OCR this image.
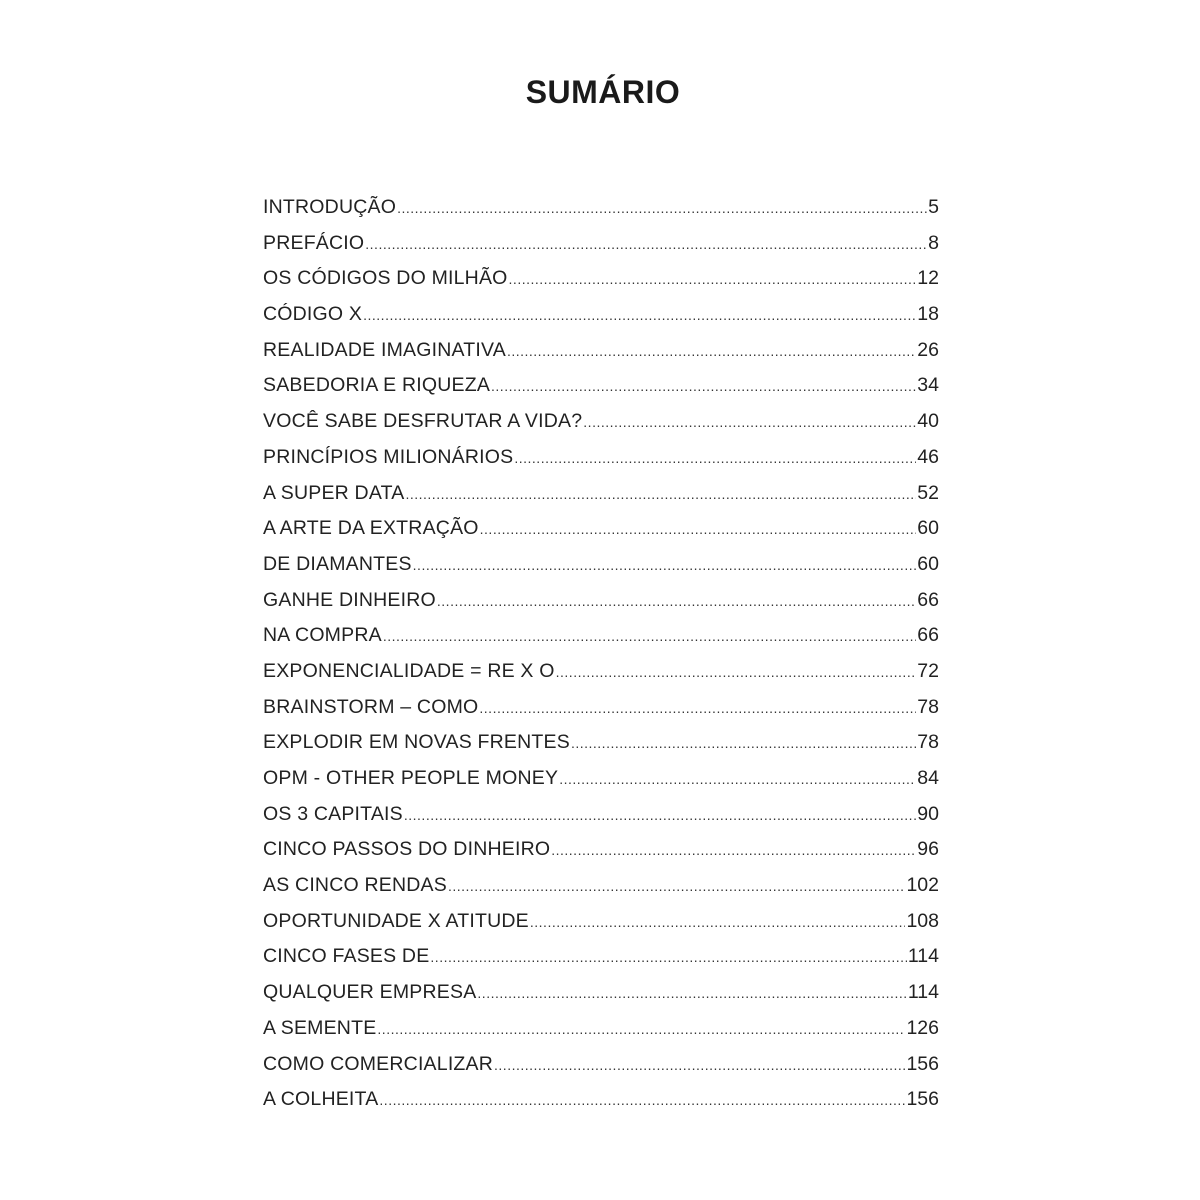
SUMÁRIO
INTRODUÇÃO .....	5
PREFÁCIO .....	8
OS CÓDIGOS DO MILHÃO .....	12
CÓDIGO X .....	18
REALIDADE IMAGINATIVA .....	26
SABEDORIA E RIQUEZA .....	34
VOCÊ SABE DESFRUTAR A VIDA? .....	40
PRINCÍPIOS MILIONÁRIOS .....	46
A SUPER DATA .....	52
A ARTE DA EXTRAÇÃO .....	60
DE DIAMANTES .....	60
GANHE DINHEIRO .....	66
NA COMPRA .....	66
EXPONENCIALIDADE = RE X O .....	72
BRAINSTORM – COMO .....	78
EXPLODIR EM NOVAS FRENTES .....	78
OPM - OTHER PEOPLE MONEY .....	84
OS 3 CAPITAIS .....	90
CINCO PASSOS DO DINHEIRO .....	96
AS CINCO RENDAS .....	102
OPORTUNIDADE X ATITUDE .....	108
CINCO FASES DE .....	114
QUALQUER EMPRESA .....	114
A SEMENTE .....	126
COMO COMERCIALIZAR .....	156
A COLHEITA .....	156
